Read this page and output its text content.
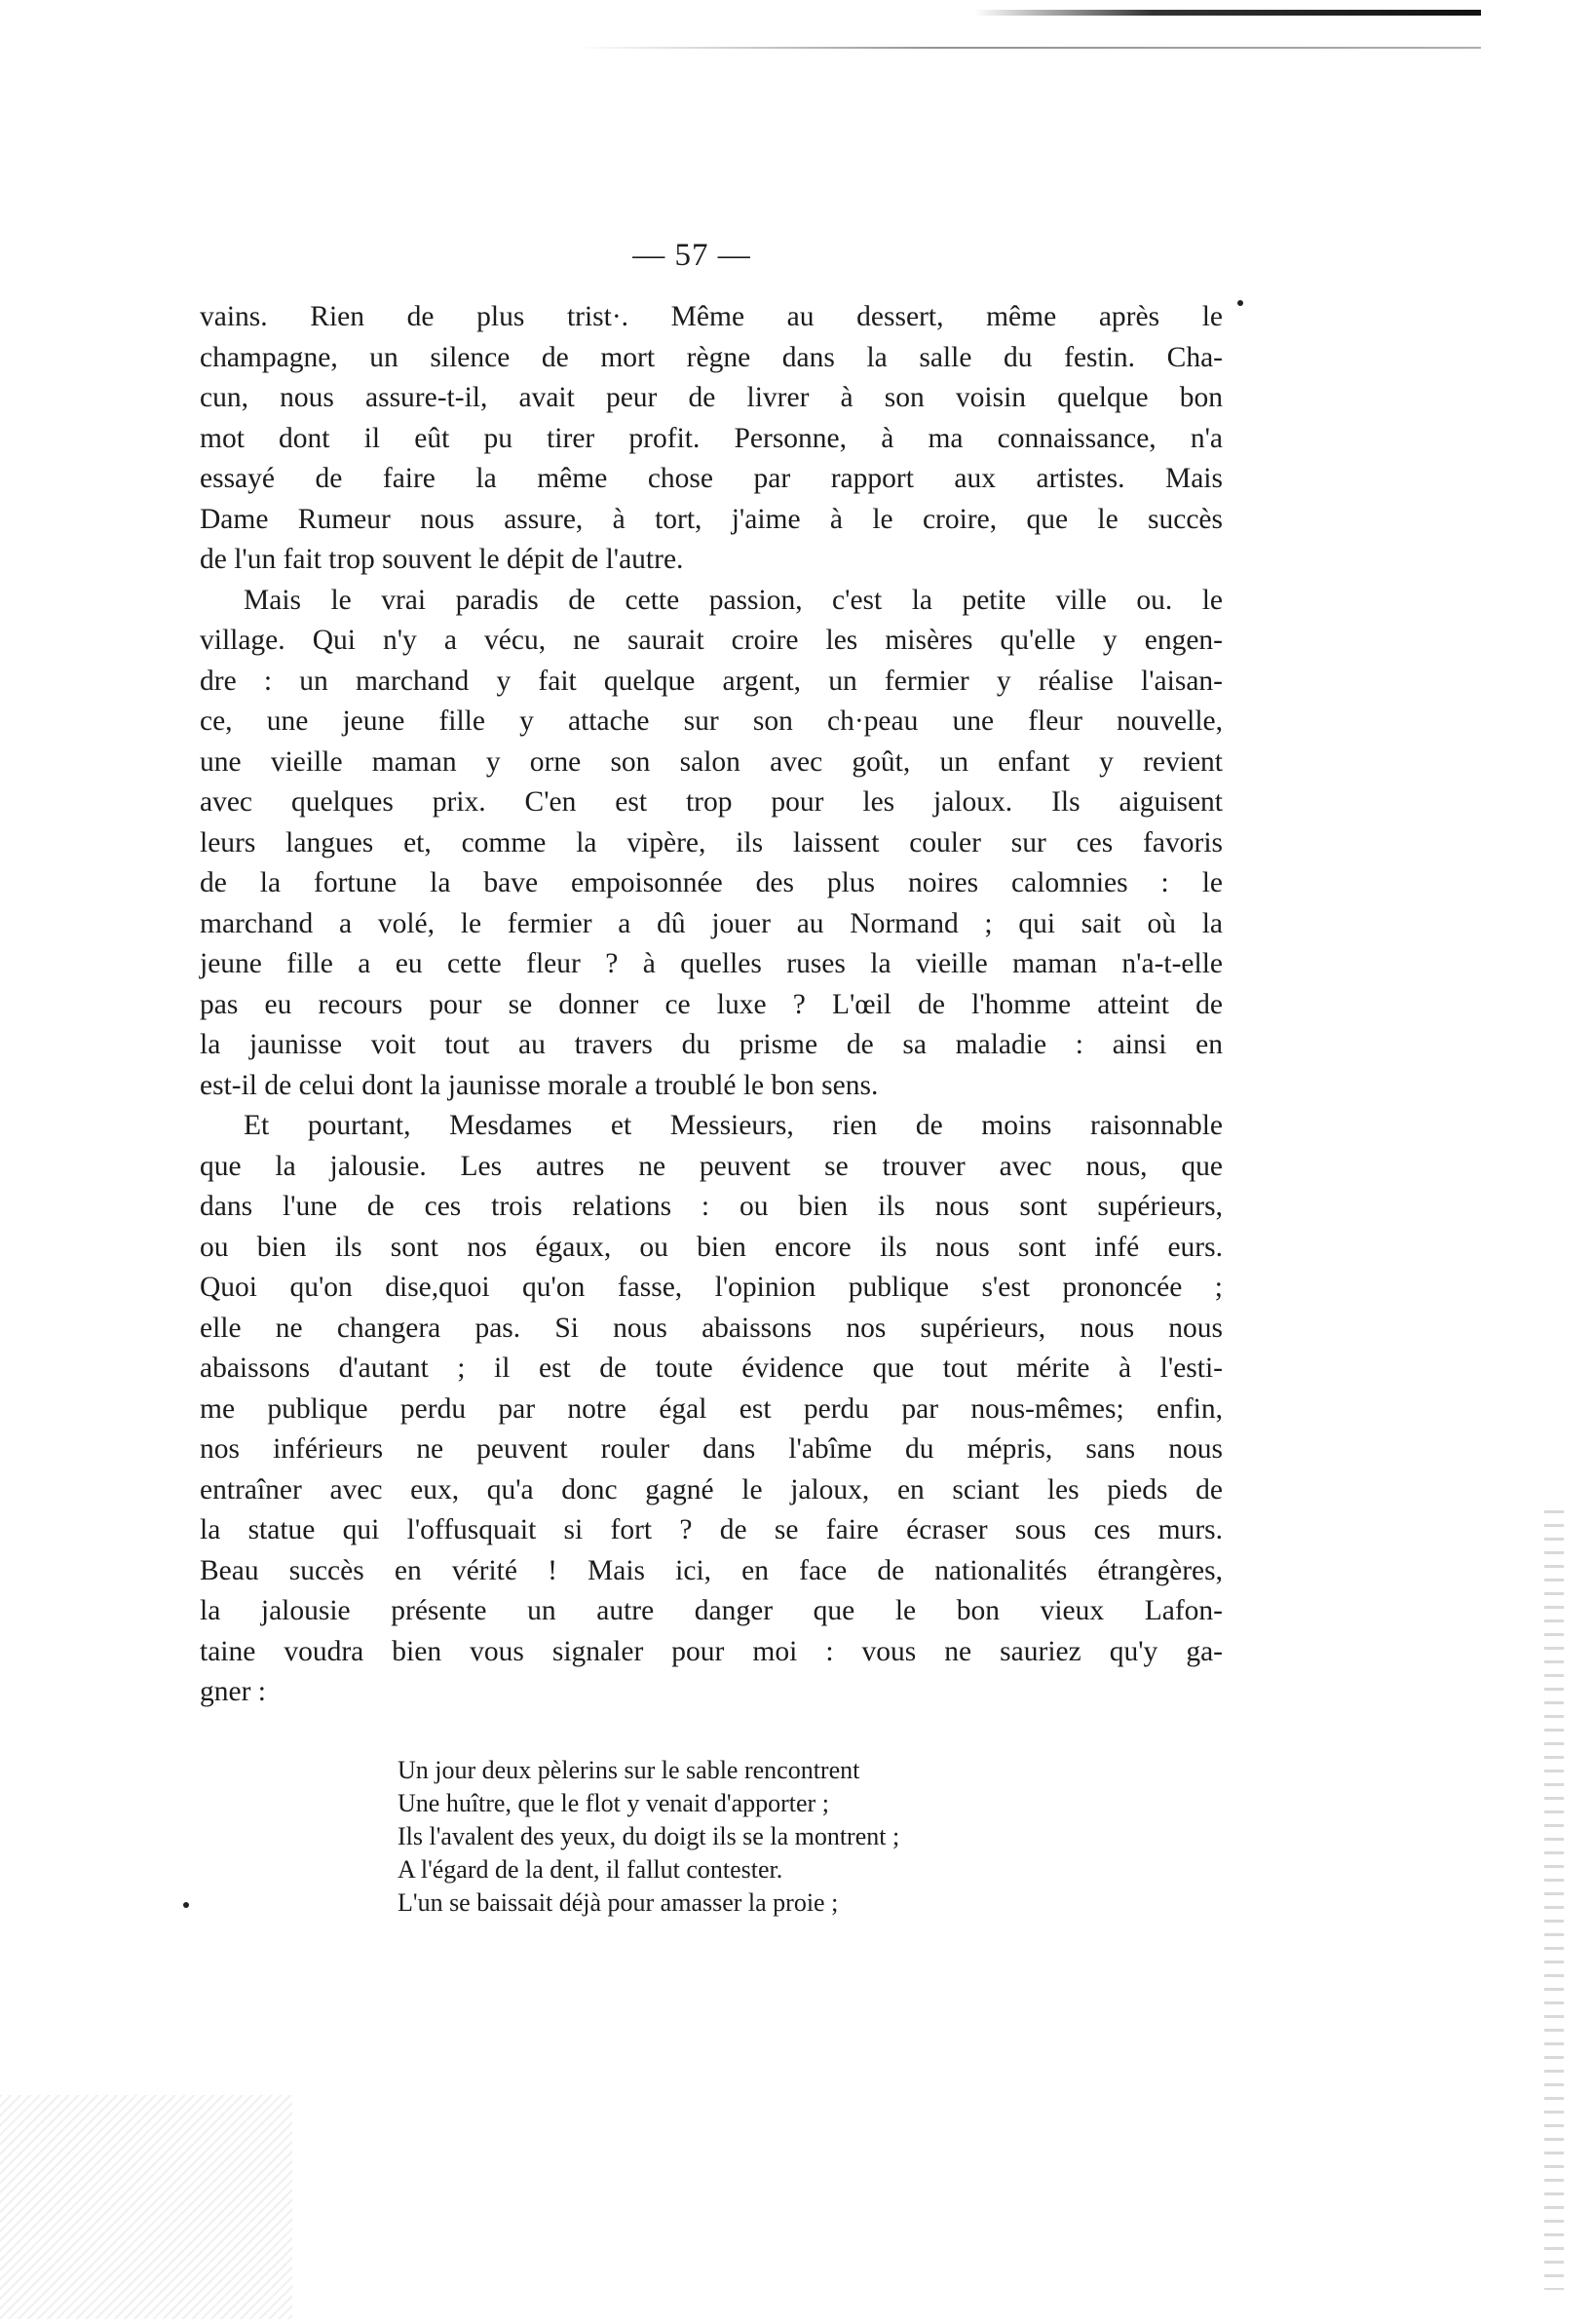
— 57 —
vains. Rien de plus trist·. Même au dessert, même après le
champagne, un silence de mort règne dans la salle du festin. Cha-
cun, nous assure-t-il, avait peur de livrer à son voisin quelque bon
mot dont il eût pu tirer profit. Personne, à ma connaissance, n'a
essayé de faire la même chose par rapport aux artistes. Mais
Dame Rumeur nous assure, à tort, j'aime à le croire, que le succès
de l'un fait trop souvent le dépit de l'autre.
Mais le vrai paradis de cette passion, c'est la petite ville ou. le
village. Qui n'y a vécu, ne saurait croire les misères qu'elle y engen-
dre : un marchand y fait quelque argent, un fermier y réalise l'aisan-
ce, une jeune fille y attache sur son ch·peau une fleur nouvelle,
une vieille maman y orne son salon avec goût, un enfant y revient
avec quelques prix. C'en est trop pour les jaloux. Ils aiguisent
leurs langues et, comme la vipère, ils laissent couler sur ces favoris
de la fortune la bave empoisonnée des plus noires calomnies : le
marchand a volé, le fermier a dû jouer au Normand ; qui sait où la
jeune fille a eu cette fleur ? à quelles ruses la vieille maman n'a-t-elle
pas eu recours pour se donner ce luxe ? L'œil de l'homme atteint de
la jaunisse voit tout au travers du prisme de sa maladie : ainsi en
est-il de celui dont la jaunisse morale a troublé le bon sens.
Et pourtant, Mesdames et Messieurs, rien de moins raisonnable
que la jalousie. Les autres ne peuvent se trouver avec nous, que
dans l'une de ces trois relations : ou bien ils nous sont supérieurs,
ou bien ils sont nos égaux, ou bien encore ils nous sont infé eurs.
Quoi qu'on dise,quoi qu'on fasse, l'opinion publique s'est prononcée ;
elle ne changera pas. Si nous abaissons nos supérieurs, nous nous
abaissons d'autant ; il est de toute évidence que tout mérite à l'esti-
me publique perdu par notre égal est perdu par nous-mêmes; enfin,
nos inférieurs ne peuvent rouler dans l'abîme du mépris, sans nous
entraîner avec eux, qu'a donc gagné le jaloux, en sciant les pieds de
la statue qui l'offusquait si fort ? de se faire écraser sous ces murs.
Beau succès en vérité ! Mais ici, en face de nationalités étrangères,
la jalousie présente un autre danger que le bon vieux Lafon-
taine voudra bien vous signaler pour moi : vous ne sauriez qu'y ga-
gner :
Un jour deux pèlerins sur le sable rencontrent
Une huître, que le flot y venait d'apporter ;
Ils l'avalent des yeux, du doigt ils se la montrent ;
A l'égard de la dent, il fallut contester.
L'un se baissait déjà pour amasser la proie ;
